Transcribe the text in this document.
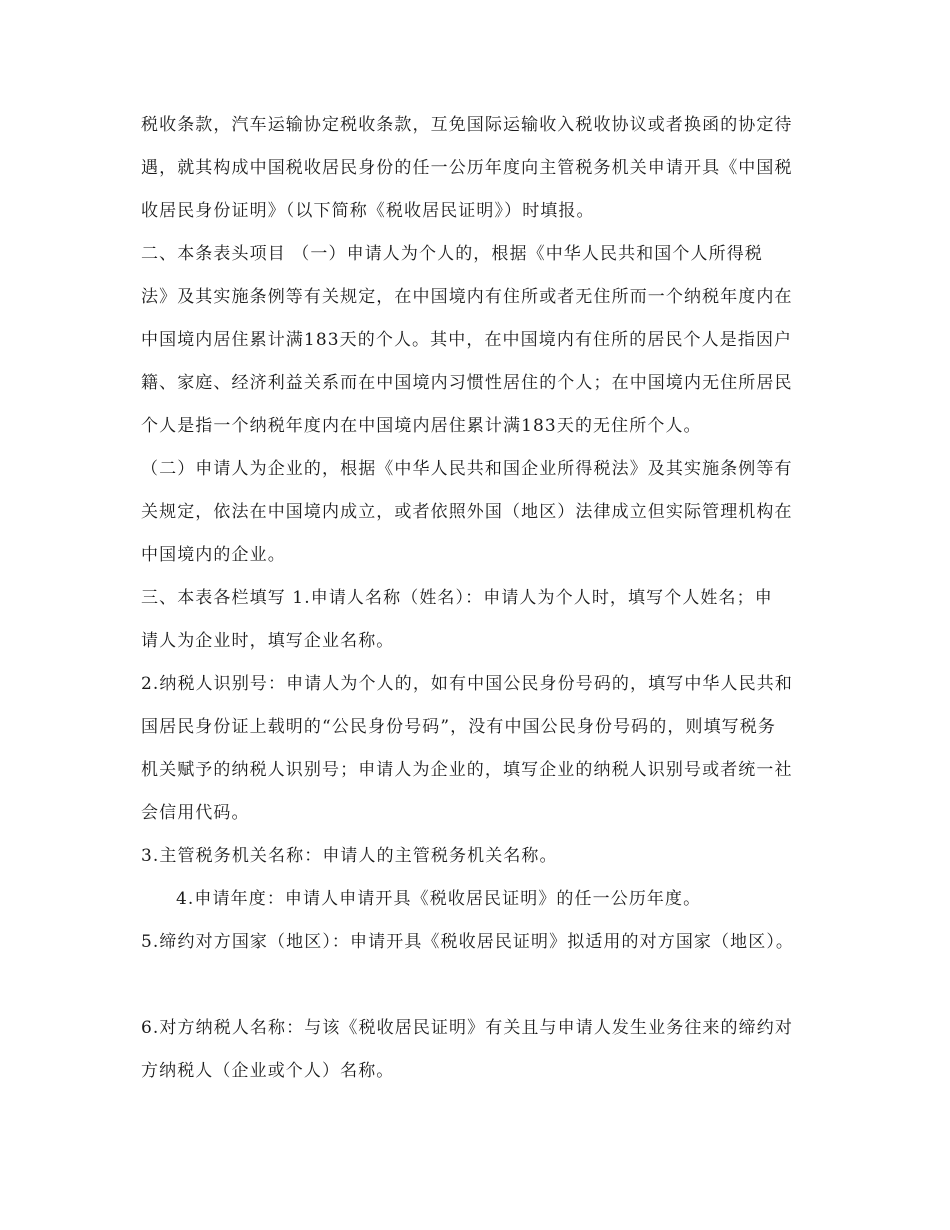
税收条款，汽车运输协定税收条款，互免国际运输收入税收协议或者换函的协定待
遇，就其构成中国税收居民身份的任一公历年度向主管税务机关申请开具《中国税
收居民身份证明》（以下简称《税收居民证明》）时填报。
二、本条表头项目 （一）申请人为个人的，根据《中华人民共和国个人所得税
法》及其实施条例等有关规定，在中国境内有住所或者无住所而一个纳税年度内在
中国境内居住累计满183天的个人。其中，在中国境内有住所的居民个人是指因户
籍、家庭、经济利益关系而在中国境内习惯性居住的个人；在中国境内无住所居民
个人是指一个纳税年度内在中国境内居住累计满183天的无住所个人。
（二）申请人为企业的，根据《中华人民共和国企业所得税法》及其实施条例等有
关规定，依法在中国境内成立，或者依照外国（地区）法律成立但实际管理机构在
中国境内的企业。
三、本表各栏填写 1.申请人名称（姓名）：申请人为个人时，填写个人姓名；申
请人为企业时，填写企业名称。
2.纳税人识别号：申请人为个人的，如有中国公民身份号码的，填写中华人民共和
国居民身份证上载明的“公民身份号码”，没有中国公民身份号码的，则填写税务
机关赋予的纳税人识别号；申请人为企业的，填写企业的纳税人识别号或者统一社
会信用代码。
3.主管税务机关名称：申请人的主管税务机关名称。
4.申请年度：申请人申请开具《税收居民证明》的任一公历年度。
5.缔约对方国家（地区）：申请开具《税收居民证明》拟适用的对方国家（地区）。
6.对方纳税人名称：与该《税收居民证明》有关且与申请人发生业务往来的缔约对
方纳税人（企业或个人）名称。
